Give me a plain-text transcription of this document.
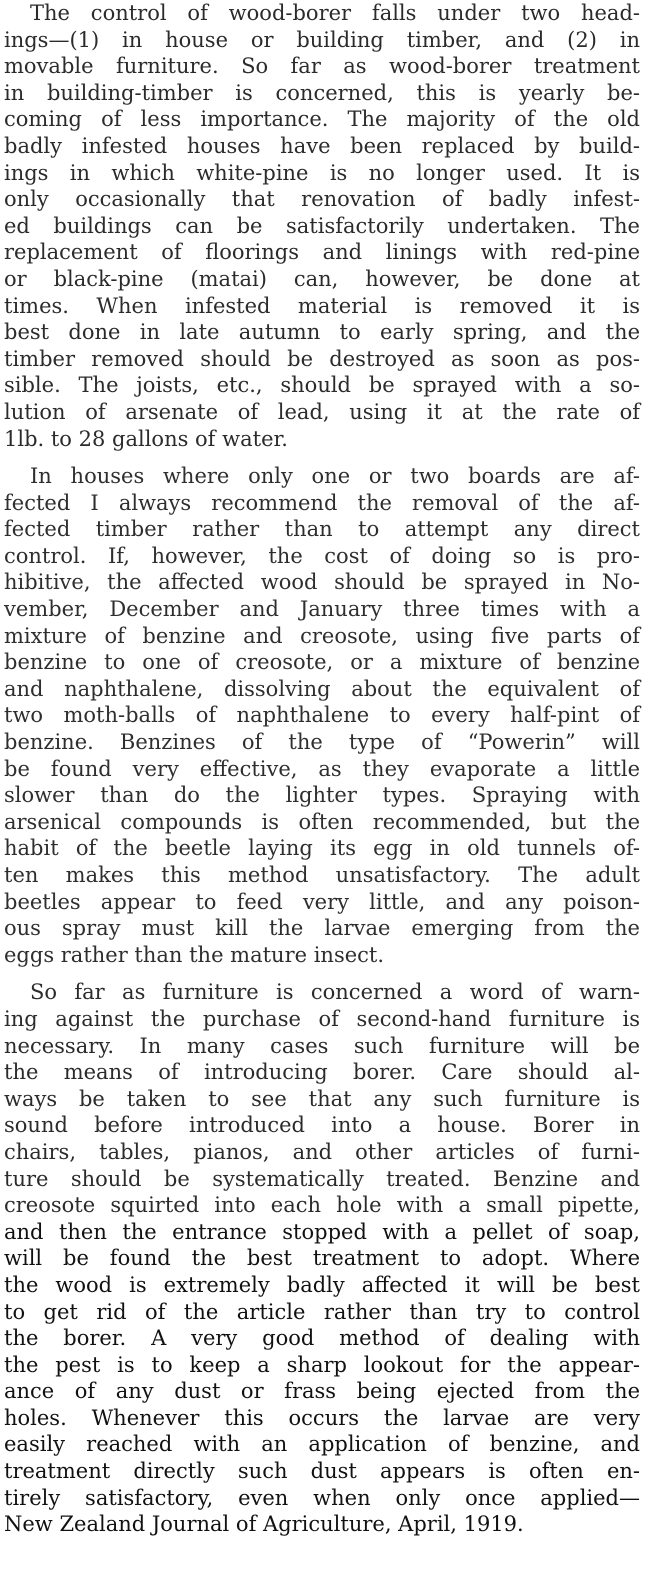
The control of wood-borer falls under two head-
ings—(1) in house or building timber, and (2) in
movable furniture. So far as wood-borer treatment
in building-timber is concerned, this is yearly be-
coming of less importance. The majority of the old
badly infested houses have been replaced by build-
ings in which white-pine is no longer used. It is
only occasionally that renovation of badly infest-
ed buildings can be satisfactorily undertaken. The
replacement of floorings and linings with red-pine
or black-pine (matai) can, however, be done at
times. When infested material is removed it is
best done in late autumn to early spring, and the
timber removed should be destroyed as soon as pos-
sible. The joists, etc., should be sprayed with a so-
lution of arsenate of lead, using it at the rate of
1lb. to 28 gallons of water.
In houses where only one or two boards are af-
fected I always recommend the removal of the af-
fected timber rather than to attempt any direct
control. If, however, the cost of doing so is pro-
hibitive, the affected wood should be sprayed in No-
vember, December and January three times with a
mixture of benzine and creosote, using five parts of
benzine to one of creosote, or a mixture of benzine
and naphthalene, dissolving about the equivalent of
two moth-balls of naphthalene to every half-pint of
benzine. Benzines of the type of “Powerin” will
be found very effective, as they evaporate a little
slower than do the lighter types. Spraying with
arsenical compounds is often recommended, but the
habit of the beetle laying its egg in old tunnels of-
ten makes this method unsatisfactory. The adult
beetles appear to feed very little, and any poison-
ous spray must kill the larvae emerging from the
eggs rather than the mature insect.
So far as furniture is concerned a word of warn-
ing against the purchase of second-hand furniture is
necessary. In many cases such furniture will be
the means of introducing borer. Care should al-
ways be taken to see that any such furniture is
sound before introduced into a house. Borer in
chairs, tables, pianos, and other articles of furni-
ture should be systematically treated. Benzine and
creosote squirted into each hole with a small pipette,
and then the entrance stopped with a pellet of soap,
will be found the best treatment to adopt. Where
the wood is extremely badly affected it will be best
to get rid of the article rather than try to control
the borer. A very good method of dealing with
the pest is to keep a sharp lookout for the appear-
ance of any dust or frass being ejected from the
holes. Whenever this occurs the larvae are very
easily reached with an application of benzine, and
treatment directly such dust appears is often en-
tirely satisfactory, even when only once applied—
New Zealand Journal of Agriculture, April, 1919.
